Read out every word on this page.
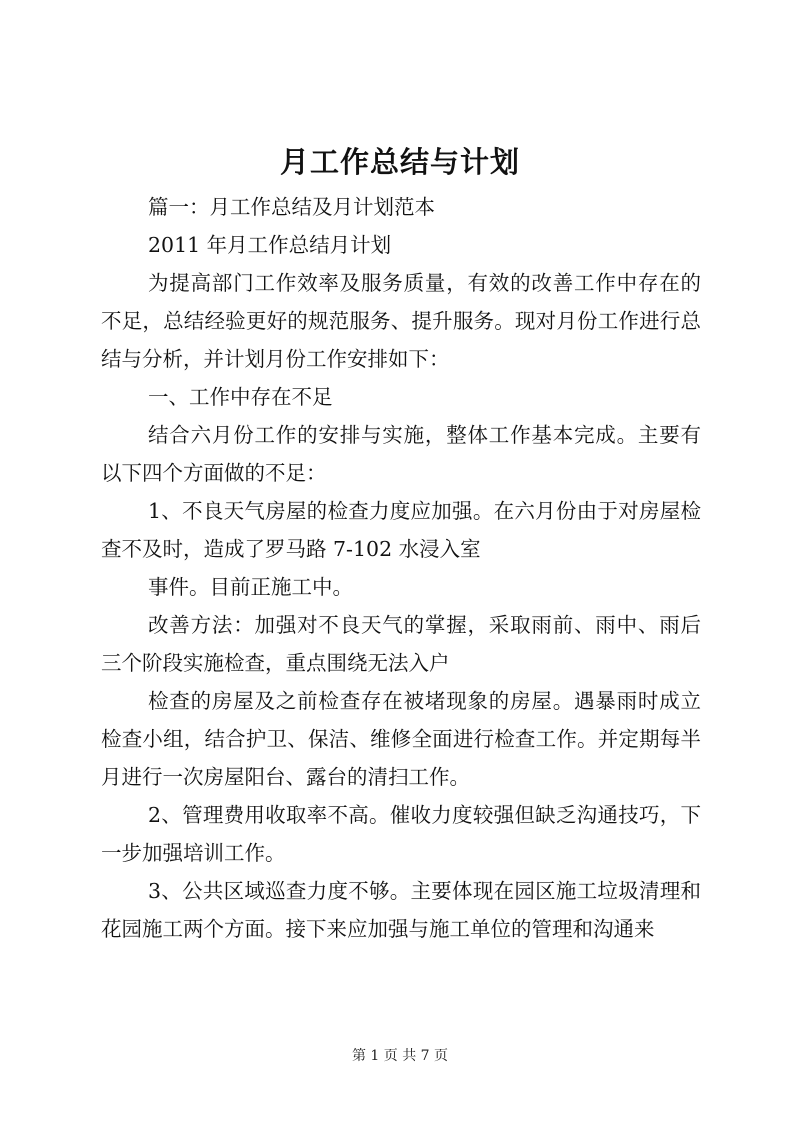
月工作总结与计划

篇一：月工作总结及月计划范本

2011 年月工作总结月计划

为提高部门工作效率及服务质量，有效的改善工作中存在的不足，总结经验更好的规范服务、提升服务。现对月份工作进行总结与分析，并计划月份工作安排如下：

一、工作中存在不足

结合六月份工作的安排与实施，整体工作基本完成。主要有以下四个方面做的不足：

1、不良天气房屋的检查力度应加强。在六月份由于对房屋检查不及时，造成了罗马路 7-102 水浸入室

事件。目前正施工中。

改善方法：加强对不良天气的掌握，采取雨前、雨中、雨后三个阶段实施检查，重点围绕无法入户

检查的房屋及之前检查存在被堵现象的房屋。遇暴雨时成立检查小组，结合护卫、保洁、维修全面进行检查工作。并定期每半月进行一次房屋阳台、露台的清扫工作。

2、管理费用收取率不高。催收力度较强但缺乏沟通技巧，下一步加强培训工作。

3、公共区域巡查力度不够。主要体现在园区施工垃圾清理和花园施工两个方面。接下来应加强与施工单位的管理和沟通来

第 1 页 共 7 页
